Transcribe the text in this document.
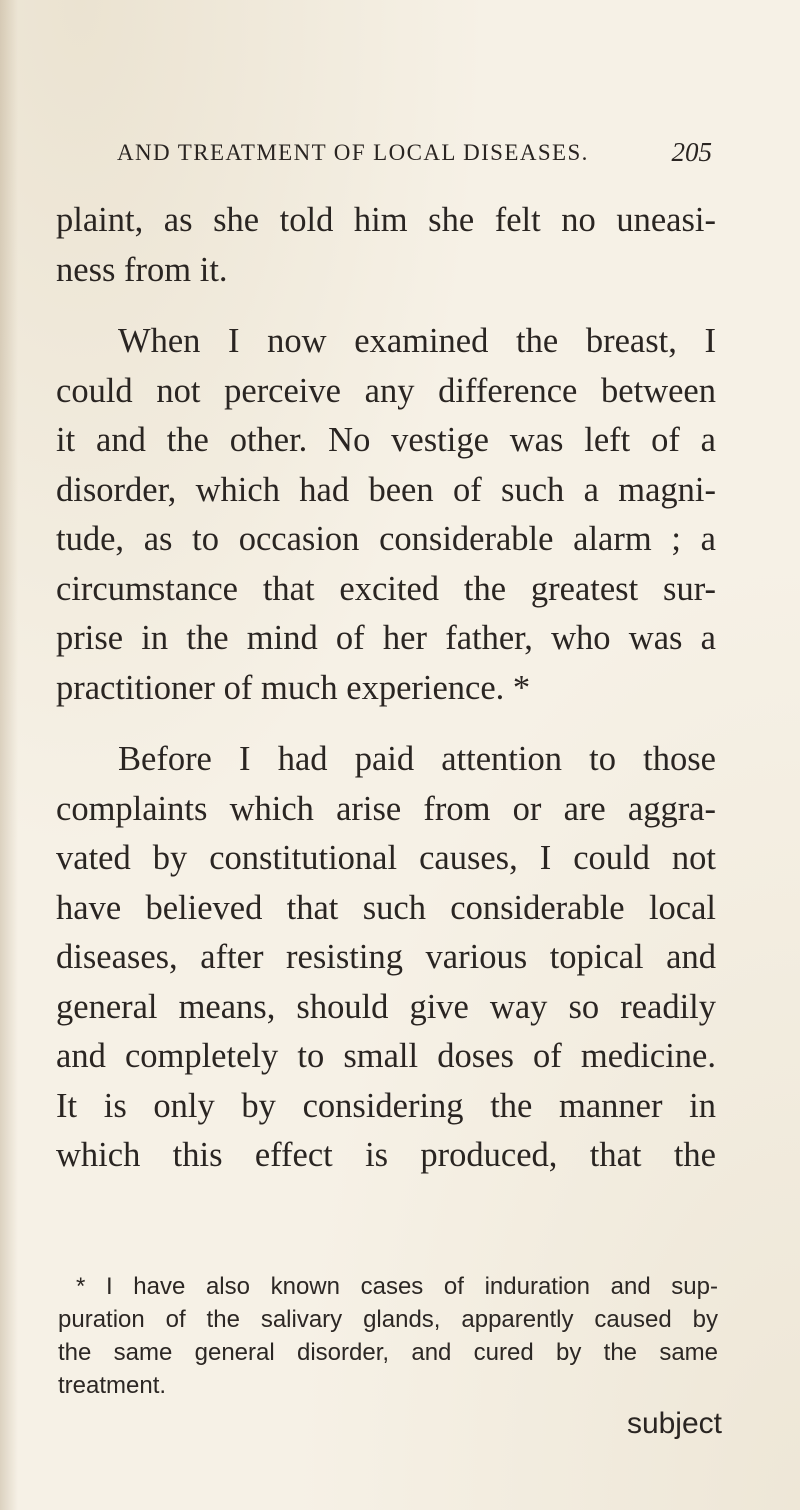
AND TREATMENT OF LOCAL DISEASES.	205

plaint, as she told him she felt no uneasi-
ness from it.

When I now examined the breast, I
could not perceive any difference between
it and the other. No vestige was left of a
disorder, which had been of such a magni-
tude, as to occasion considerable alarm ; a
circumstance that excited the greatest sur-
prise in the mind of her father, who was a
practitioner of much experience. *

Before I had paid attention to those
complaints which arise from or are aggra-
vated by constitutional causes, I could not
have believed that such considerable local
diseases, after resisting various topical and
general means, should give way so readily
and completely to small doses of medicine.
It is only by considering the manner in
which this effect is produced, that the

* I have also known cases of induration and sup-
puration of the salivary glands, apparently caused by
the same general disorder, and cured by the same
treatment.
subject
